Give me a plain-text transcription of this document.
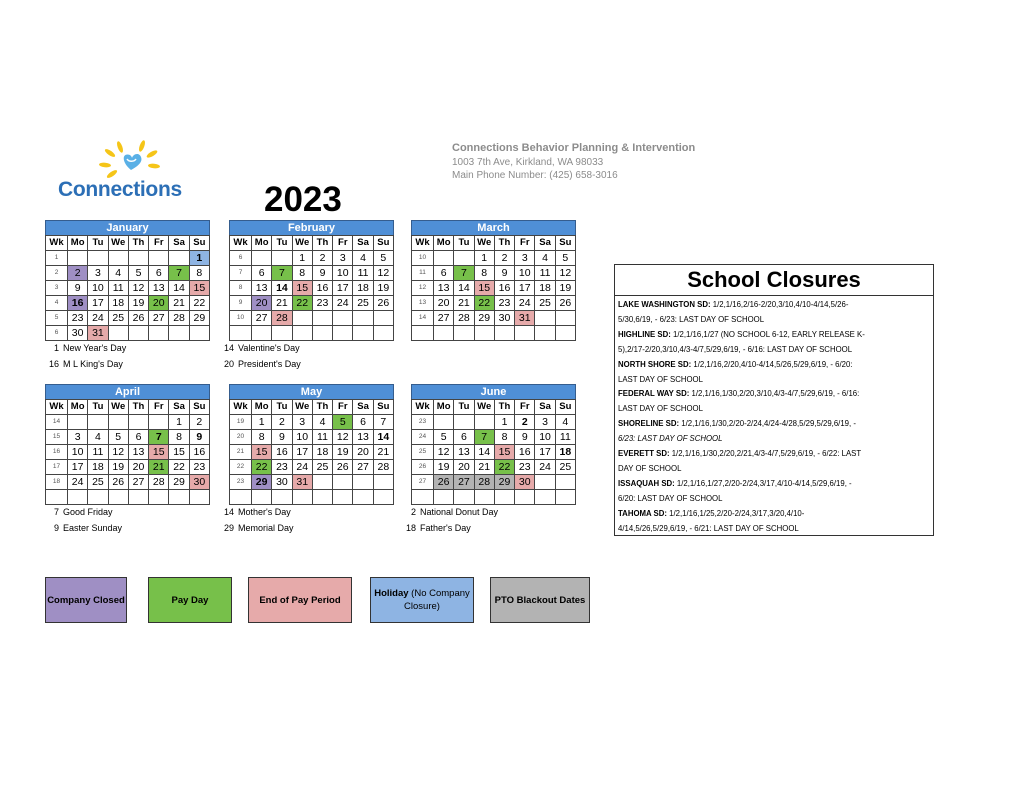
Connections
Connections Behavior Planning & Intervention
1003 7th Ave, Kirkland, WA 98033
Main Phone Number: (425) 658-3016
2023
January
Wk	Mo	Tu	We	Th	Fr	Sa	Su
1							1
2	2	3	4	5	6	7	8
3	9	10	11	12	13	14	15
4	16	17	18	19	20	21	22
5	23	24	25	26	27	28	29
6	30	31					
February
Wk	Mo	Tu	We	Th	Fr	Sa	Su
6			1	2	3	4	5
7	6	7	8	9	10	11	12
8	13	14	15	16	17	18	19
9	20	21	22	23	24	25	26
10	27	28					

March
Wk	Mo	Tu	We	Th	Fr	Sa	Su
10			1	2	3	4	5
11	6	7	8	9	10	11	12
12	13	14	15	16	17	18	19
13	20	21	22	23	24	25	26
14	27	28	29	30	31		

April
Wk	Mo	Tu	We	Th	Fr	Sa	Su
14						1	2
15	3	4	5	6	7	8	9
16	10	11	12	13	15	15	16
17	17	18	19	20	21	22	23
18	24	25	26	27	28	29	30

May
Wk	Mo	Tu	We	Th	Fr	Sa	Su
19	1	2	3	4	5	6	7
20	8	9	10	11	12	13	14
21	15	16	17	18	19	20	21
22	22	23	24	25	26	27	28
23	29	30	31				

June
Wk	Mo	Tu	We	Th	Fr	Sa	Su
23				1	2	3	4
24	5	6	7	8	9	10	11
25	12	13	14	15	16	17	18
26	19	20	21	22	23	24	25
27	26	27	28	29	30		

1 New Year's Day
16 M L King's Day
14 Valentine's Day
20 President's Day
7 Good Friday
9 Easter Sunday
14 Mother's Day
29 Memorial Day
2 National Donut Day
18 Father's Day
School Closures
LAKE WASHINGTON SD: 1/2,1/16,2/16-2/20,3/10,4/10-4/14,5/26-
5/30,6/19, - 6/23: LAST DAY OF SCHOOL
HIGHLINE SD: 1/2,1/16,1/27 (NO SCHOOL 6-12, EARLY RELEASE K-
5),2/17-2/20,3/10,4/3-4/7,5/29,6/19, - 6/16: LAST DAY OF SCHOOL
NORTH SHORE SD: 1/2,1/16,2/20,4/10-4/14,5/26,5/29,6/19, - 6/20:
LAST DAY OF SCHOOL
FEDERAL WAY SD: 1/2,1/16,1/30,2/20,3/10,4/3-4/7,5/29,6/19, - 6/16:
LAST DAY OF SCHOOL
SHORELINE SD: 1/2,1/16,1/30,2/20-2/24,4/24-4/28,5/29,5/29,6/19, -
6/23: LAST DAY OF SCHOOL
EVERETT SD: 1/2,1/16,1/30,2/20,2/21,4/3-4/7,5/29,6/19, - 6/22: LAST
DAY OF SCHOOL
ISSAQUAH SD: 1/2,1/16,1/27,2/20-2/24,3/17,4/10-4/14,5/29,6/19, -
6/20: LAST DAY OF SCHOOL
TAHOMA SD: 1/2,1/16,1/25,2/20-2/24,3/17,3/20,4/10-
4/14,5/26,5/29,6/19, - 6/21: LAST DAY OF SCHOOL
Company Closed	Pay Day	End of Pay Period
Holiday (No Company Closure)
PTO Blackout Dates
